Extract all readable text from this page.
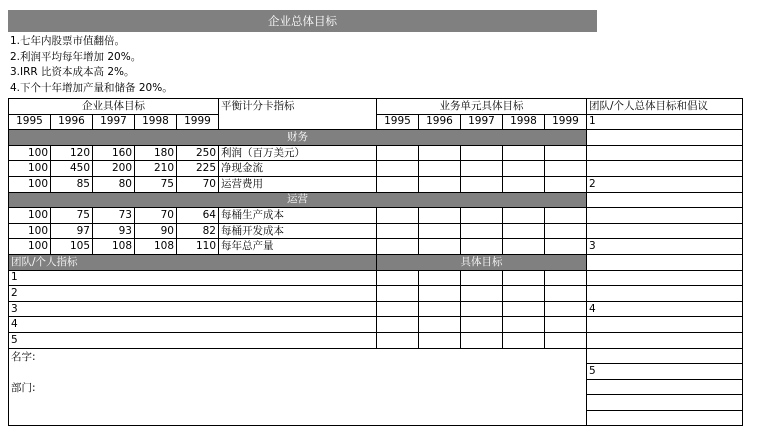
企业总体目标
1.七年内股票市值翻倍。
2.利润平均每年增加 20%。
3.IRR 比资本成本高 2%。
4.下个十年增加产量和储备 20%。
企业具体目标					平衡计分卡指标	业务单元具体目标					团队/个人总体目标和倡议
1995	1996	1997	1998	1999		1995	1996	1997	1998	1999	1
财务											
100	120	160	180	250	利润（百万美元）						
100	450	200	210	225	净现金流						
100	85	80	75	70	运营费用						2
运营											
100	75	73	70	64	每桶生产成本						
100	97	93	90	82	每桶开发成本						
100	105	108	108	110	每年总产量						3
团队/个人指标						具体目标					
1											
2											
3											4
4											
5											

名字:
部门:											

											5
